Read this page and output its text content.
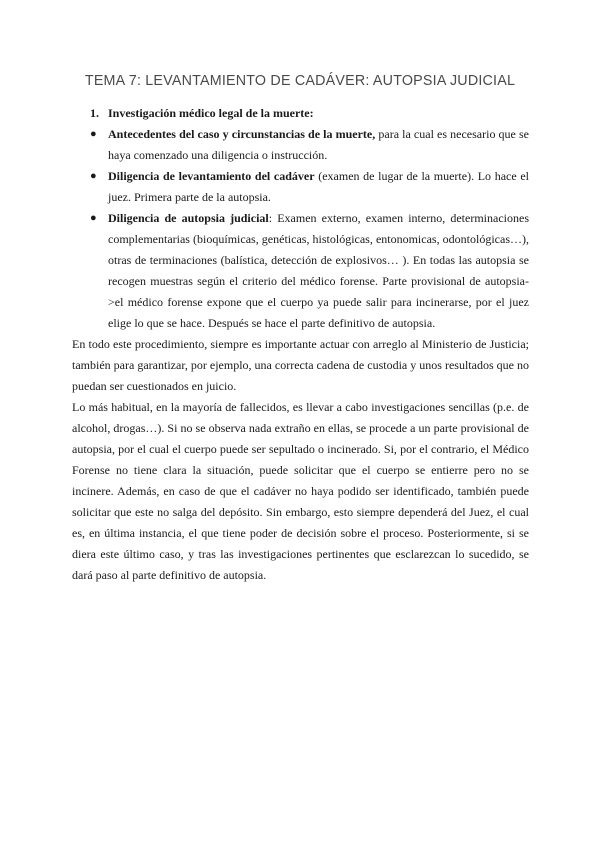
TEMA 7: LEVANTAMIENTO DE CADÁVER: AUTOPSIA JUDICIAL
1. Investigación médico legal de la muerte:
● Antecedentes del caso y circunstancias de la muerte, para la cual es necesario que se haya comenzado una diligencia o instrucción.
● Diligencia de levantamiento del cadáver (examen de lugar de la muerte). Lo hace el juez. Primera parte de la autopsia.
● Diligencia de autopsia judicial: Examen externo, examen interno, determinaciones complementarias (bioquímicas, genéticas, histológicas, entonomicas, odontológicas…), otras de terminaciones (balística, detección de explosivos… ). En todas las autopsia se recogen muestras según el criterio del médico forense. Parte provisional de autopsia->el médico forense expone que el cuerpo ya puede salir para incinerarse, por el juez elige lo que se hace. Después se hace el parte definitivo de autopsia.

En todo este procedimiento, siempre es importante actuar con arreglo al Ministerio de Justicia; también para garantizar, por ejemplo, una correcta cadena de custodia y unos resultados que no puedan ser cuestionados en juicio.

Lo más habitual, en la mayoría de fallecidos, es llevar a cabo investigaciones sencillas (p.e. de alcohol, drogas…). Si no se observa nada extraño en ellas, se procede a un parte provisional de autopsia, por el cual el cuerpo puede ser sepultado o incinerado. Si, por el contrario, el Médico Forense no tiene clara la situación, puede solicitar que el cuerpo se entierre pero no se incinere. Además, en caso de que el cadáver no haya podido ser identificado, también puede solicitar que este no salga del depósito. Sin embargo, esto siempre dependerá del Juez, el cual es, en última instancia, el que tiene poder de decisión sobre el proceso. Posteriormente, si se diera este último caso, y tras las investigaciones pertinentes que esclarezcan lo sucedido, se dará paso al parte definitivo de autopsia.
